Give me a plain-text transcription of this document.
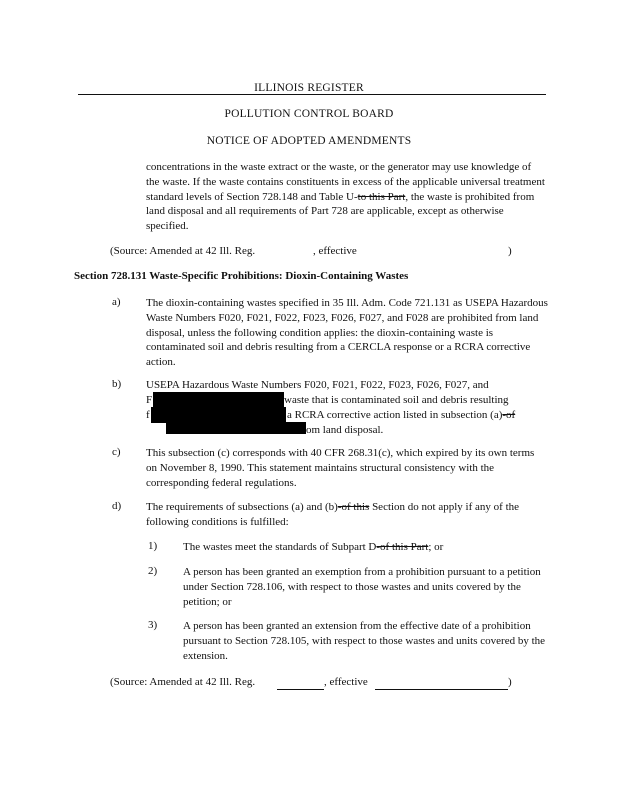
ILLINOIS REGISTER
POLLUTION CONTROL BOARD
NOTICE OF ADOPTED AMENDMENTS

concentrations in the waste extract or the waste, or the generator may use knowledge of the waste. If the waste contains constituents in excess of the applicable universal treatment standard levels of Section 728.148 and Table U-to this Part, the waste is prohibited from land disposal and all requirements of Part 728 are applicable, except as otherwise specified.

(Source: Amended at 42 Ill. Reg.	, effective	)
Section 728.131 Waste-Specific Prohibitions: Dioxin-Containing Wastes
a) The dioxin-containing wastes specified in 35 Ill. Adm. Code 721.131 as USEPA Hazardous Waste Numbers F020, F021, F022, F023, F026, F027, and F028 are prohibited from land disposal, unless the following condition applies: the dioxin-containing waste is contaminated soil and debris resulting from a CERCLA response or a RCRA corrective action.
b) USEPA Hazardous Waste Numbers F020, F021, F022, F023, F026, F027, and
F	waste that is contaminated soil and debris resulting
f	a RCRA corrective action listed in subsection (a)-of
om land disposal.
c) This subsection (c) corresponds with 40 CFR 268.31(c), which expired by its own terms on November 8, 1990. This statement maintains structural consistency with the corresponding federal regulations.
d) The requirements of subsections (a) and (b)-of this Section do not apply if any of the following conditions is fulfilled:

1) The wastes meet the standards of Subpart D-of this Part; or

2) A person has been granted an exemption from a prohibition pursuant to a petition under Section 728.106, with respect to those wastes and units covered by the petition; or
3) A person has been granted an extension from the effective date of a prohibition pursuant to Section 728.105, with respect to those wastes and units covered by the extension.
(Source: Amended at 42 Ill. Reg.	, effective	)
